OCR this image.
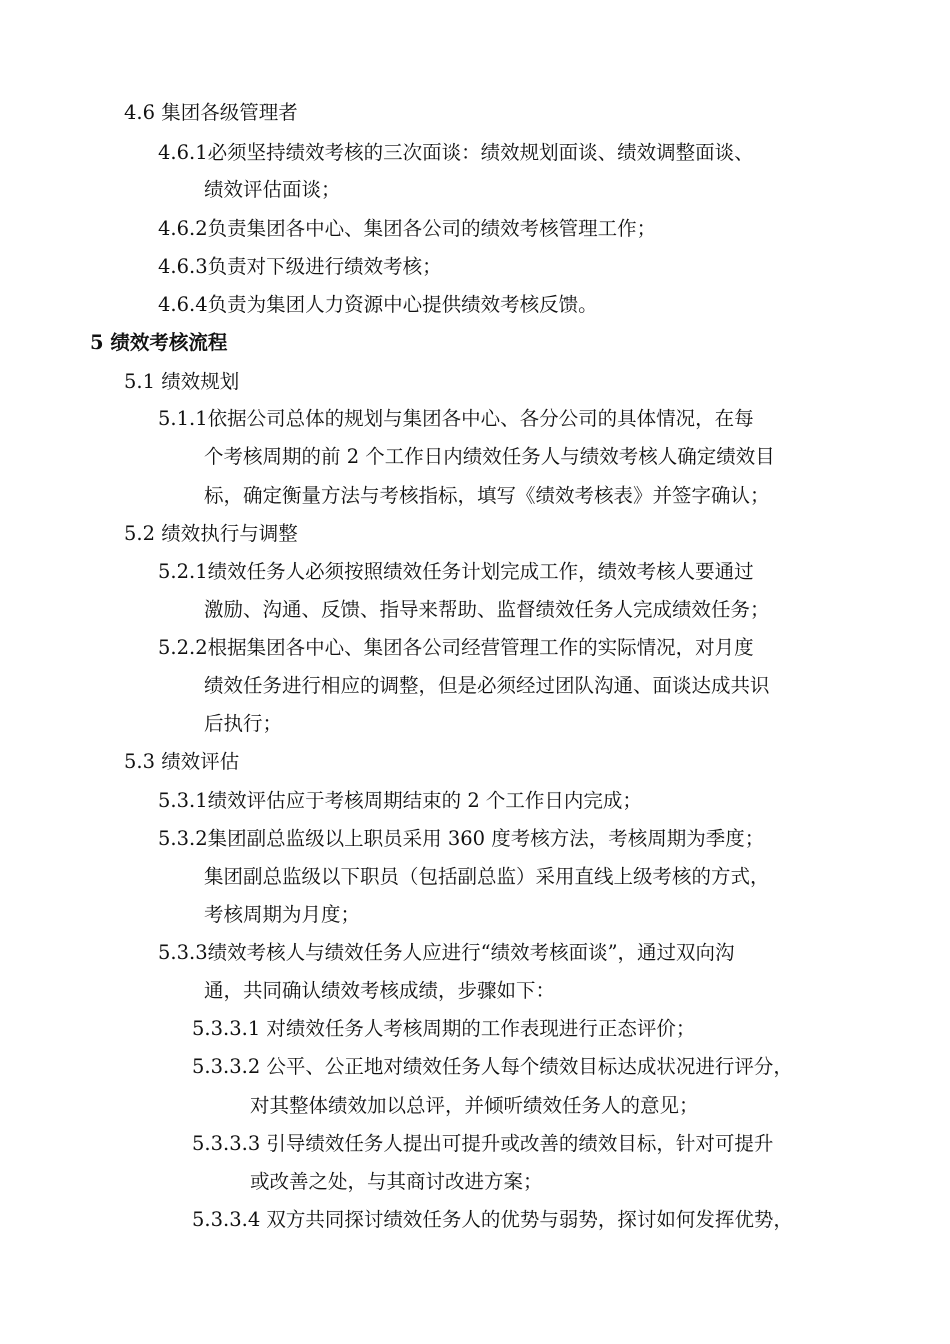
4.6 集团各级管理者
4.6.1必须坚持绩效考核的三次面谈：绩效规划面谈、绩效调整面谈、
绩效评估面谈；
4.6.2负责集团各中心、集团各公司的绩效考核管理工作；
4.6.3负责对下级进行绩效考核；
4.6.4负责为集团人力资源中心提供绩效考核反馈。
5 绩效考核流程
5.1 绩效规划
5.1.1依据公司总体的规划与集团各中心、各分公司的具体情况，在每
个考核周期的前 2 个工作日内绩效任务人与绩效考核人确定绩效目
标，确定衡量方法与考核指标，填写《绩效考核表》并签字确认；
5.2 绩效执行与调整
5.2.1绩效任务人必须按照绩效任务计划完成工作，绩效考核人要通过
激励、沟通、反馈、指导来帮助、监督绩效任务人完成绩效任务；
5.2.2根据集团各中心、集团各公司经营管理工作的实际情况，对月度
绩效任务进行相应的调整，但是必须经过团队沟通、面谈达成共识
后执行；
5.3 绩效评估
5.3.1绩效评估应于考核周期结束的 2 个工作日内完成；
5.3.2集团副总监级以上职员采用 360 度考核方法，考核周期为季度；
集团副总监级以下职员（包括副总监）采用直线上级考核的方式，
考核周期为月度；
5.3.3绩效考核人与绩效任务人应进行“绩效考核面谈”，通过双向沟
通，共同确认绩效考核成绩，步骤如下：
5.3.3.1 对绩效任务人考核周期的工作表现进行正态评价；
5.3.3.2 公平、公正地对绩效任务人每个绩效目标达成状况进行评分，
对其整体绩效加以总评，并倾听绩效任务人的意见；
5.3.3.3 引导绩效任务人提出可提升或改善的绩效目标，针对可提升
或改善之处，与其商讨改进方案；
5.3.3.4 双方共同探讨绩效任务人的优势与弱势，探讨如何发挥优势，
